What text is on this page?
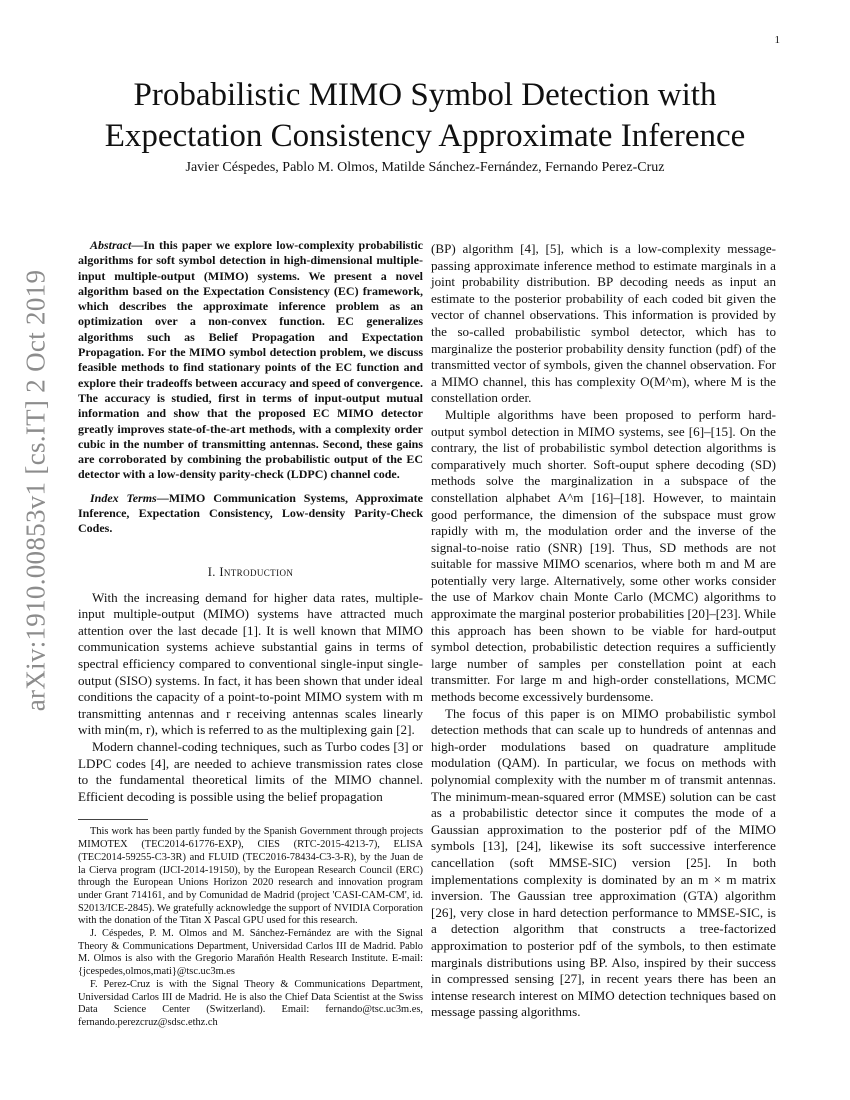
1
arXiv:1910.00853v1 [cs.IT] 2 Oct 2019
Probabilistic MIMO Symbol Detection with Expectation Consistency Approximate Inference
Javier Céspedes, Pablo M. Olmos, Matilde Sánchez-Fernández, Fernando Perez-Cruz

Abstract—In this paper we explore low-complexity probabilistic algorithms for soft symbol detection in high-dimensional multiple-input multiple-output (MIMO) systems. We present a novel algorithm based on the Expectation Consistency (EC) framework, which describes the approximate inference problem as an optimization over a non-convex function. EC generalizes algorithms such as Belief Propagation and Expectation Propagation. For the MIMO symbol detection problem, we discuss feasible methods to find stationary points of the EC function and explore their tradeoffs between accuracy and speed of convergence. The accuracy is studied, first in terms of input-output mutual information and show that the proposed EC MIMO detector greatly improves state-of-the-art methods, with a complexity order cubic in the number of transmitting antennas. Second, these gains are corroborated by combining the probabilistic output of the EC detector with a low-density parity-check (LDPC) channel code.

Index Terms—MIMO Communication Systems, Approximate Inference, Expectation Consistency, Low-density Parity-Check Codes.

I. Introduction

With the increasing demand for higher data rates, multiple-input multiple-output (MIMO) systems have attracted much attention over the last decade [1]. It is well known that MIMO communication systems achieve substantial gains in terms of spectral efficiency compared to conventional single-input single-output (SISO) systems. In fact, it has been shown that under ideal conditions the capacity of a point-to-point MIMO system with m transmitting antennas and r receiving antennas scales linearly with min(m, r), which is referred to as the multiplexing gain [2].

Modern channel-coding techniques, such as Turbo codes [3] or LDPC codes [4], are needed to achieve transmission rates close to the fundamental theoretical limits of the MIMO channel. Efficient decoding is possible using the belief propagation

This work has been partly funded by the Spanish Government through projects MIMOTEX (TEC2014-61776-EXP), CIES (RTC-2015-4213-7), ELISA (TEC2014-59255-C3-3R) and FLUID (TEC2016-78434-C3-3-R), by the Juan de la Cierva program (IJCI-2014-19150), by the European Research Council (ERC) through the European Unions Horizon 2020 research and innovation program under Grant 714161, and by Comunidad de Madrid (project 'CASI-CAM-CM', id. S2013/ICE-2845). We gratefully acknowledge the support of NVIDIA Corporation with the donation of the Titan X Pascal GPU used for this research.

J. Céspedes, P. M. Olmos and M. Sánchez-Fernández are with the Signal Theory & Communications Department, Universidad Carlos III de Madrid. Pablo M. Olmos is also with the Gregorio Marañón Health Research Institute. E-mail: {jcespedes,olmos,mati}@tsc.uc3m.es

F. Perez-Cruz is with the Signal Theory & Communications Department, Universidad Carlos III de Madrid. He is also the Chief Data Scientist at the Swiss Data Science Center (Switzerland). Email: fernando@tsc.uc3m.es, fernando.perezcruz@sdsc.ethz.ch

(BP) algorithm [4], [5], which is a low-complexity message-passing approximate inference method to estimate marginals in a joint probability distribution. BP decoding needs as input an estimate to the posterior probability of each coded bit given the vector of channel observations. This information is provided by the so-called probabilistic symbol detector, which has to marginalize the posterior probability density function (pdf) of the transmitted vector of symbols, given the channel observation. For a MIMO channel, this has complexity O(M^m), where M is the constellation order.

Multiple algorithms have been proposed to perform hard-output symbol detection in MIMO systems, see [6]–[15]. On the contrary, the list of probabilistic symbol detection algorithms is comparatively much shorter. Soft-ouput sphere decoding (SD) methods solve the marginalization in a subspace of the constellation alphabet A^m [16]–[18]. However, to maintain good performance, the dimension of the subspace must grow rapidly with m, the modulation order and the inverse of the signal-to-noise ratio (SNR) [19]. Thus, SD methods are not suitable for massive MIMO scenarios, where both m and M are potentially very large. Alternatively, some other works consider the use of Markov chain Monte Carlo (MCMC) algorithms to approximate the marginal posterior probabilities [20]–[23]. While this approach has been shown to be viable for hard-output symbol detection, probabilistic detection requires a sufficiently large number of samples per constellation point at each transmitter. For large m and high-order constellations, MCMC methods become excessively burdensome.

The focus of this paper is on MIMO probabilistic symbol detection methods that can scale up to hundreds of antennas and high-order modulations based on quadrature amplitude modulation (QAM). In particular, we focus on methods with polynomial complexity with the number m of transmit antennas. The minimum-mean-squared error (MMSE) solution can be cast as a probabilistic detector since it computes the mode of a Gaussian approximation to the posterior pdf of the MIMO symbols [13], [24], likewise its soft successive interference cancellation (soft MMSE-SIC) version [25]. In both implementations complexity is dominated by an m × m matrix inversion. The Gaussian tree approximation (GTA) algorithm [26], very close in hard detection performance to MMSE-SIC, is a detection algorithm that constructs a tree-factorized approximation to posterior pdf of the symbols, to then estimate marginals distributions using BP. Also, inspired by their success in compressed sensing [27], in recent years there has been an intense research interest on MIMO detection techniques based on message passing algorithms.
